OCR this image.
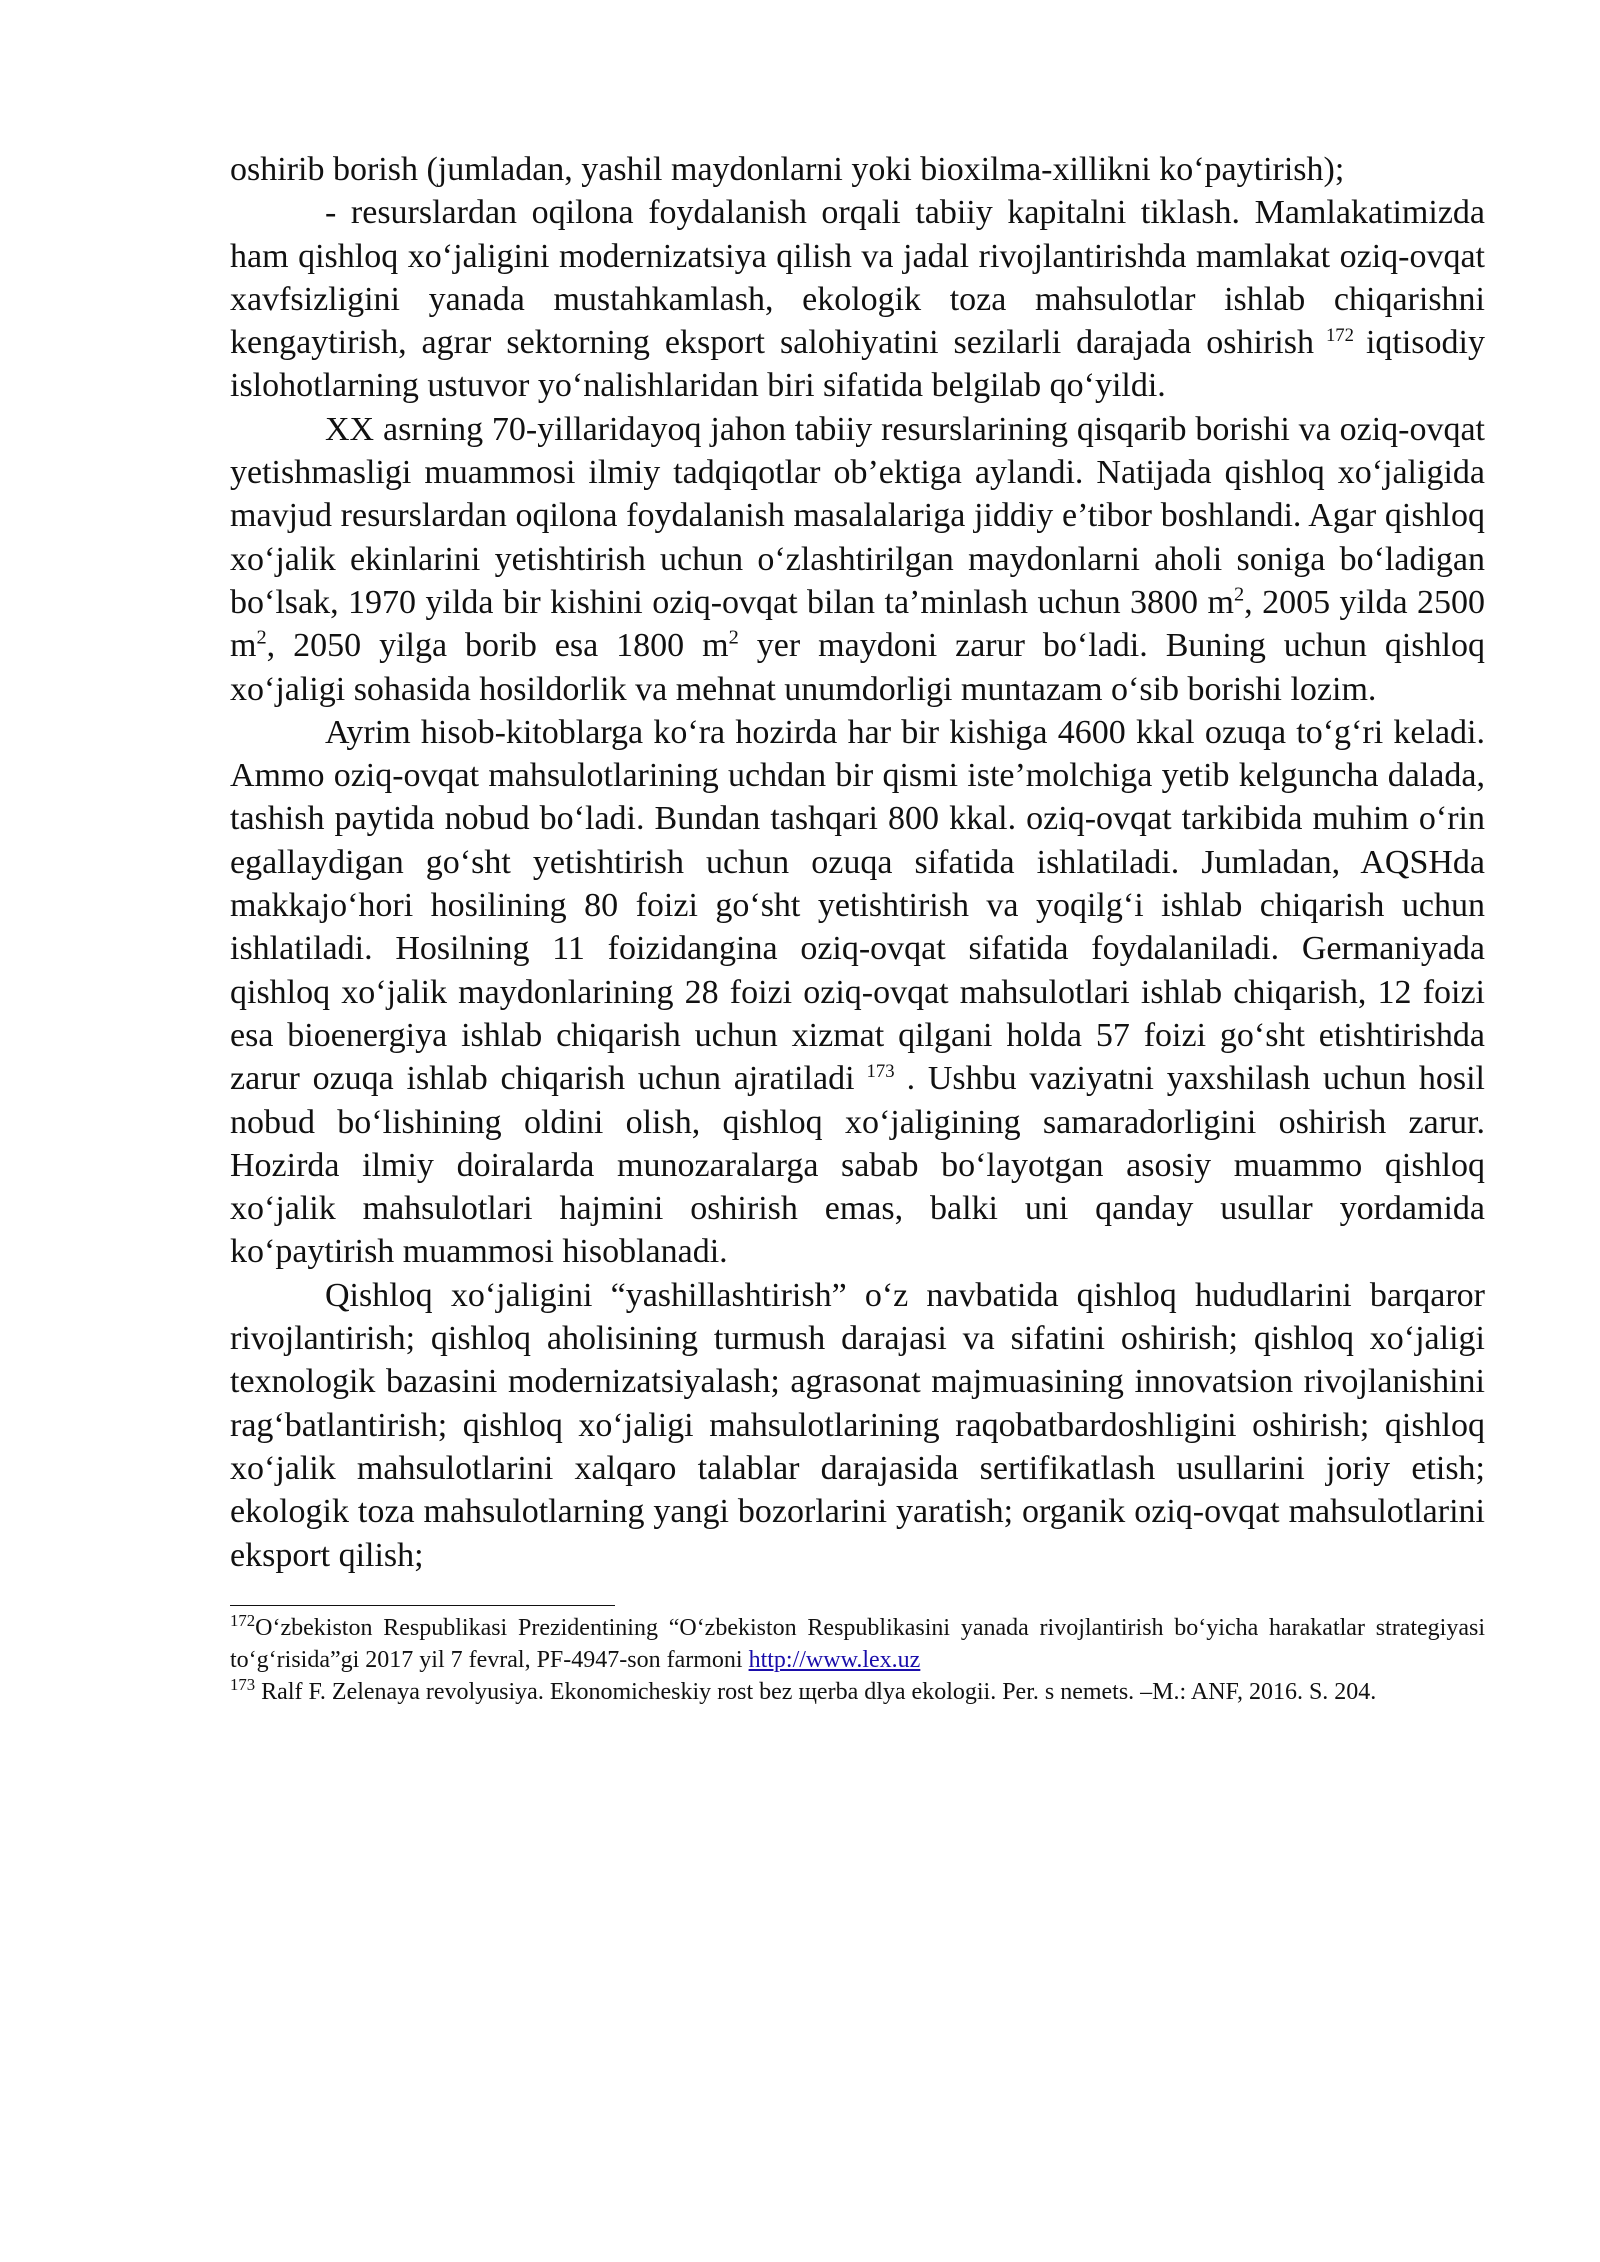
oshirib borish (jumladan, yashil maydonlarni yoki bioxilma-xillikni ko‘paytirish);

- resurslardan oqilona foydalanish orqali tabiiy kapitalni tiklash. Mamlakatimizda ham qishloq xo‘jaligini modernizatsiya qilish va jadal rivojlantirishda mamlakat oziq-ovqat xavfsizligini yanada mustahkamlash, ekologik toza mahsulotlar ishlab chiqarishni kengaytirish, agrar sektorning eksport salohiyatini sezilarli darajada oshirish $^{172}$ iqtisodiy islohotlarning ustuvor yo‘nalishlaridan biri sifatida belgilab qo‘yildi.

XX asrning 70-yillaridayoq jahon tabiiy resurslarining qisqarib borishi va oziq-ovqat yetishmasligi muammosi ilmiy tadqiqotlar ob’ektiga aylandi. Natijada qishloq xo‘jaligida mavjud resurslardan oqilona foydalanish masalalariga jiddiy e’tibor boshlandi. Agar qishloq xo‘jalik ekinlarini yetishtirish uchun o‘zlashtirilgan maydonlarni aholi soniga bo‘ladigan bo‘lsak, 1970 yilda bir kishini oziq-ovqat bilan ta’minlash uchun 3800 $m^2$, 2005 yilda 2500 $m^2$, 2050 yilga borib esa 1800 $m^2$ yer maydoni zarur bo‘ladi. Buning uchun qishloq xo‘jaligi sohasida hosildorlik va mehnat unumdorligi muntazam o‘sib borishi lozim.

Ayrim hisob-kitoblarga ko‘ra hozirda har bir kishiga 4600 kkal ozuqa to‘g‘ri keladi. Ammo oziq-ovqat mahsulotlarining uchdan bir qismi iste’molchiga yetib kelguncha dalada, tashish paytida nobud bo‘ladi. Bundan tashqari 800 kkal. oziq-ovqat tarkibida muhim o‘rin egallaydigan go‘sht yetishtirish uchun ozuqa sifatida ishlatiladi. Jumladan, AQSHda makkajo‘hori hosilining 80 foizi go‘sht yetishtirish va yoqilg‘i ishlab chiqarish uchun ishlatiladi. Hosilning 11 foizidangina oziq-ovqat sifatida foydalaniladi. Germaniyada qishloq xo‘jalik maydonlarining 28 foizi oziq-ovqat mahsulotlari ishlab chiqarish, 12 foizi esa bioenergiya ishlab chiqarish uchun xizmat qilgani holda 57 foizi go‘sht etishtirishda zarur ozuqa ishlab chiqarish uchun ajratiladi $^{173}$ . Ushbu vaziyatni yaxshilash uchun hosil nobud bo‘lishining oldini olish, qishloq xo‘jaligining samaradorligini oshirish zarur. Hozirda ilmiy doiralarda munozaralarga sabab bo‘layotgan asosiy muammo qishloq xo‘jalik mahsulotlari hajmini oshirish emas, balki uni qanday usullar yordamida ko‘paytirish muammosi hisoblanadi.

Qishloq xo‘jaligini “yashillashtirish” o‘z navbatida qishloq hududlarini barqaror rivojlantirish; qishloq aholisining turmush darajasi va sifatini oshirish; qishloq xo‘jaligi texnologik bazasini modernizatsiyalash; agrasonat majmuasining innovatsion rivojlanishini rag‘batlantirish; qishloq xo‘jaligi mahsulotlarining raqobatbardoshligini oshirish; qishloq xo‘jalik mahsulotlarini xalqaro talablar darajasida sertifikatlash usullarini joriy etish; ekologik toza mahsulotlarning yangi bozorlarini yaratish; organik oziq-ovqat mahsulotlarini eksport qilish;

$^{172}$O‘zbekiston Respublikasi Prezidentining “O‘zbekiston Respublikasini yanada rivojlantirish bo‘yicha harakatlar strategiyasi to‘g‘risida”gi 2017 yil 7 fevral, PF-4947-son farmoni http://www.lex.uz

$^{173}$ Ralf F. Zelenaya revolyusiya. Ekonomicheskiy rost bez щerba dlya ekologii. Per. s nemets. –M.: ANF, 2016. S. 204.
